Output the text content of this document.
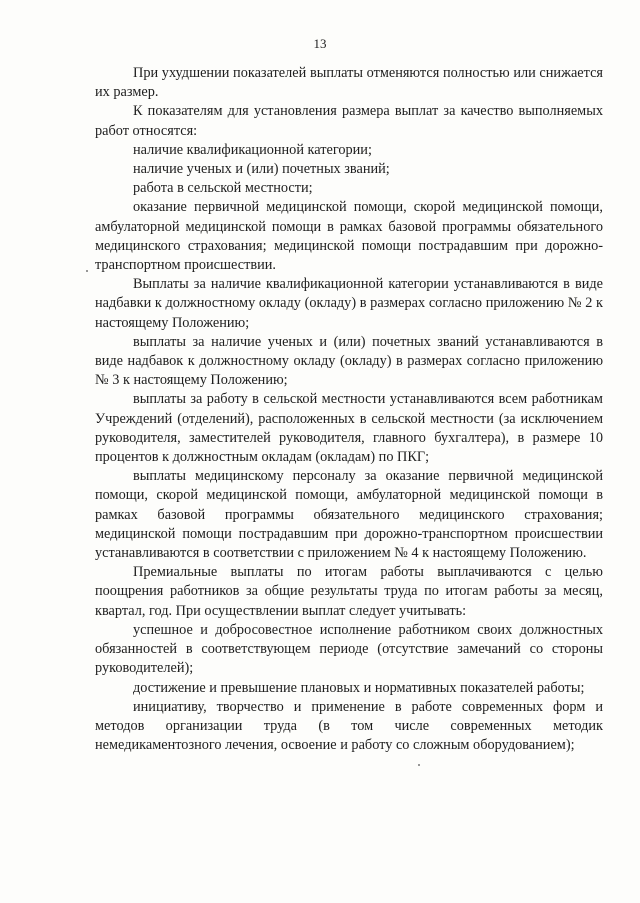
13

При ухудшении показателей выплаты отменяются полностью или снижается их размер.

К показателям для установления размера выплат за качество выполняемых работ относятся:

наличие квалификационной категории;

наличие ученых и (или) почетных званий;

работа в сельской местности;

оказание первичной медицинской помощи, скорой медицинской помощи, амбулаторной медицинской помощи в рамках базовой программы обязательного медицинского страхования; медицинской помощи пострадавшим при дорожно-транспортном происшествии.

Выплаты за наличие квалификационной категории устанавливаются в виде надбавки к должностному окладу (окладу) в размерах согласно приложению № 2 к настоящему Положению;

выплаты за наличие ученых и (или) почетных званий устанавливаются в виде надбавок к должностному окладу (окладу) в размерах согласно приложению № 3 к настоящему Положению;

выплаты за работу в сельской местности устанавливаются всем работникам Учреждений (отделений), расположенных в сельской местности (за исключением руководителя, заместителей руководителя, главного бухгалтера), в размере 10 процентов к должностным окладам (окладам) по ПКГ;

выплаты медицинскому персоналу за оказание первичной медицинской помощи, скорой медицинской помощи, амбулаторной медицинской помощи в рамках базовой программы обязательного медицинского страхования; медицинской помощи пострадавшим при дорожно-транспортном происшествии устанавливаются в соответствии с приложением № 4 к настоящему Положению.

Премиальные выплаты по итогам работы выплачиваются с целью поощрения работников за общие результаты труда по итогам работы за месяц, квартал, год. При осуществлении выплат следует учитывать:

успешное и добросовестное исполнение работником своих должностных обязанностей в соответствующем периоде (отсутствие замечаний со стороны руководителей);

достижение и превышение плановых и нормативных показателей работы;

инициативу, творчество и применение в работе современных форм и методов организации труда (в том числе современных методик немедикаментозного лечения, освоение и работу со сложным оборудованием);
